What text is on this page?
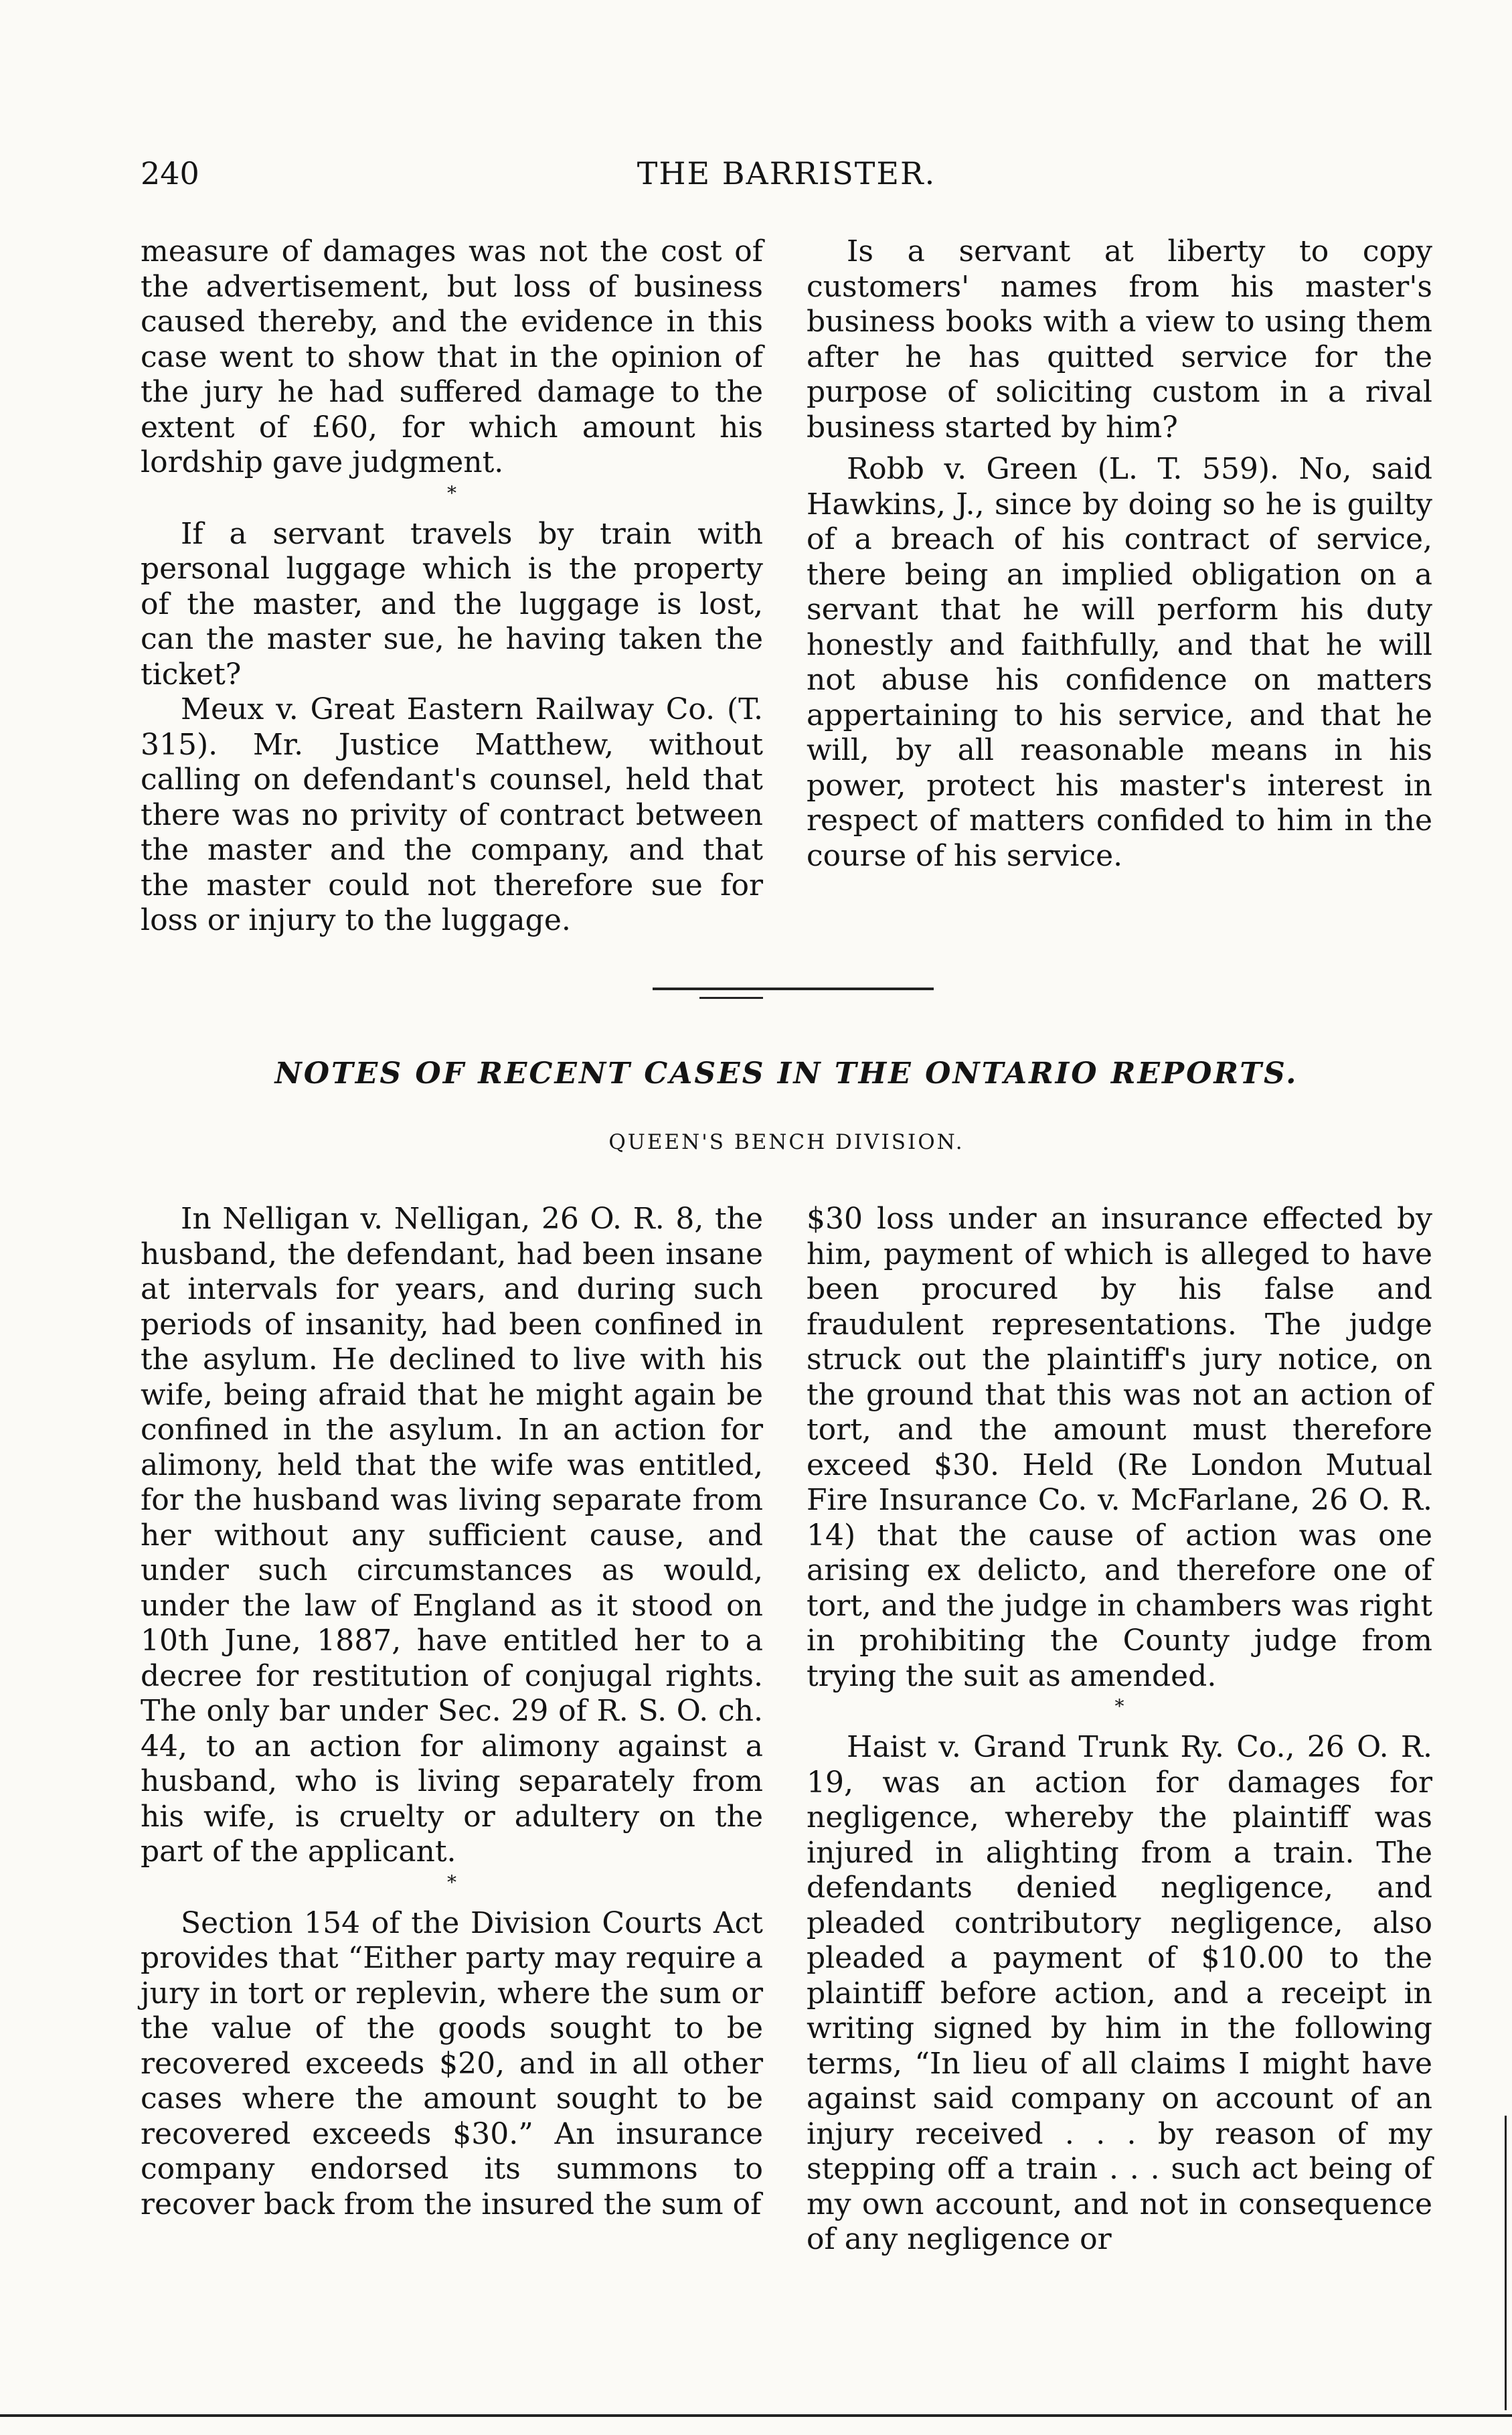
240	THE BARRISTER.

measure of damages was not the cost of the advertisement, but loss of business caused thereby, and the evidence in this case went to show that in the opinion of the jury he had suffered damage to the extent of £60, for which amount his lordship gave judgment.

*

If a servant travels by train with personal luggage which is the property of the master, and the luggage is lost, can the master sue, he having taken the ticket?

Meux v. Great Eastern Railway Co. (T. 315). Mr. Justice Matthew, without calling on defendant's counsel, held that there was no privity of contract between the master and the company, and that the master could not therefore sue for loss or injury to the luggage.

Is a servant at liberty to copy customers' names from his master's business books with a view to using them after he has quitted service for the purpose of soliciting custom in a rival business started by him?

Robb v. Green (L. T. 559). No, said Hawkins, J., since by doing so he is guilty of a breach of his contract of service, there being an implied obligation on a servant that he will perform his duty honestly and faithfully, and that he will not abuse his confidence on matters appertaining to his service, and that he will, by all reasonable means in his power, protect his master's interest in respect of matters confided to him in the course of his service.

NOTES OF RECENT CASES IN THE ONTARIO REPORTS.
QUEEN'S BENCH DIVISION.

In Nelligan v. Nelligan, 26 O. R. 8, the husband, the defendant, had been insane at intervals for years, and during such periods of insanity, had been confined in the asylum. He declined to live with his wife, being afraid that he might again be confined in the asylum. In an action for alimony, held that the wife was entitled, for the husband was living separate from her without any sufficient cause, and under such circumstances as would, under the law of England as it stood on 10th June, 1887, have entitled her to a decree for restitution of conjugal rights. The only bar under Sec. 29 of R. S. O. ch. 44, to an action for alimony against a husband, who is living separately from his wife, is cruelty or adultery on the part of the applicant.

*

Section 154 of the Division Courts Act provides that “Either party may require a jury in tort or replevin, where the sum or the value of the goods sought to be recovered exceeds $20, and in all other cases where the amount sought to be recovered exceeds $30.” An insurance company endorsed its summons to recover back from the insured the sum of

$30 loss under an insurance effected by him, payment of which is alleged to have been procured by his false and fraudulent representations. The judge struck out the plaintiff's jury notice, on the ground that this was not an action of tort, and the amount must therefore exceed $30. Held (Re London Mutual Fire Insurance Co. v. McFarlane, 26 O. R. 14) that the cause of action was one arising ex delicto, and therefore one of tort, and the judge in chambers was right in prohibiting the County judge from trying the suit as amended.

*

Haist v. Grand Trunk Ry. Co., 26 O. R. 19, was an action for damages for negligence, whereby the plaintiff was injured in alighting from a train. The defendants denied negligence, and pleaded contributory negligence, also pleaded a payment of $10.00 to the plaintiff before action, and a receipt in writing signed by him in the following terms, “In lieu of all claims I might have against said company on account of an injury received . . . by reason of my stepping off a train . . . such act being of my own account, and not in consequence of any negligence or
